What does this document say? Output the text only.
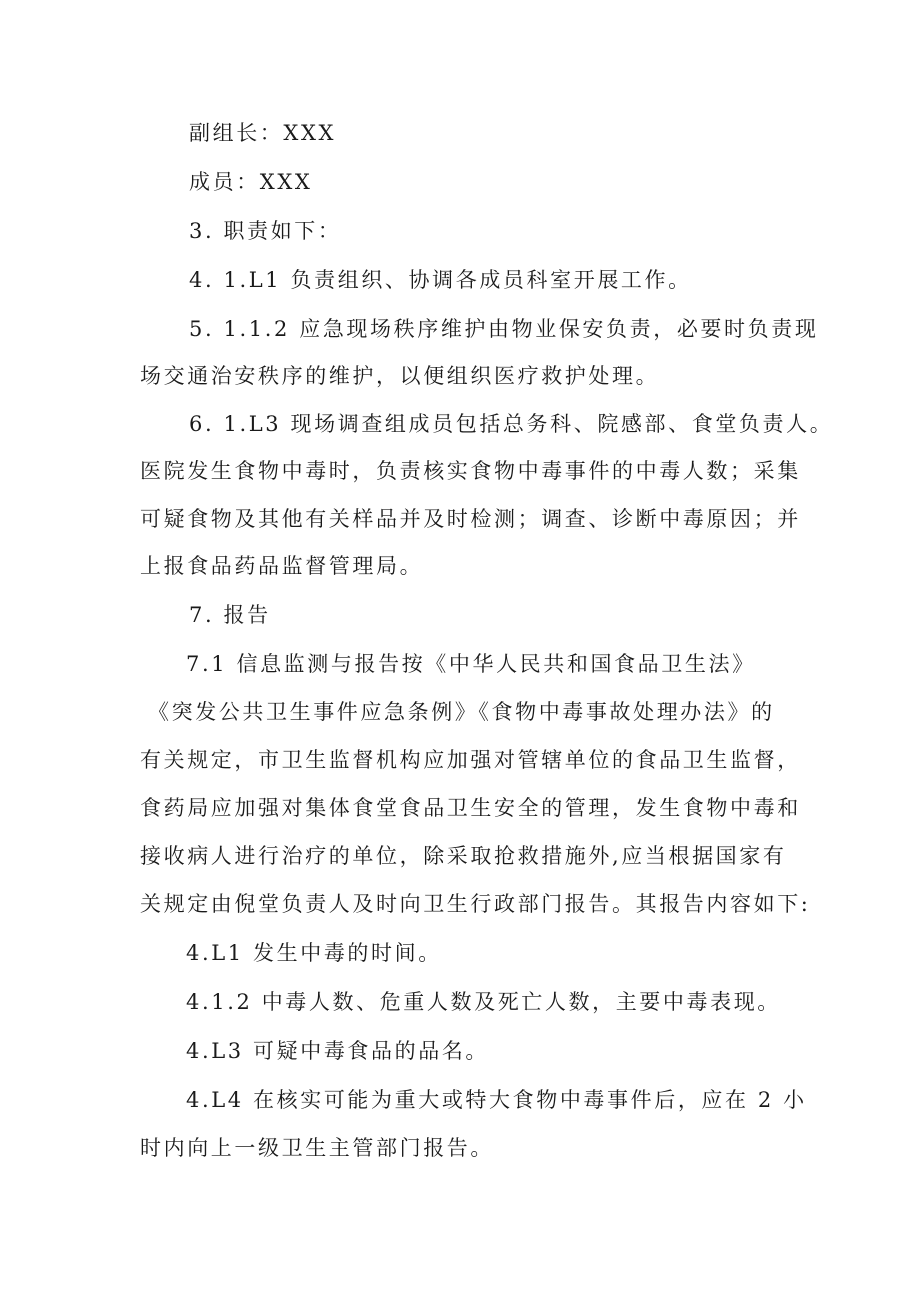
副组长：XXX
成员：XXX
3. 职责如下：
4. 1.L1 负责组织、协调各成员科室开展工作。
5. 1.1.2 应急现场秩序维护由物业保安负责，必要时负责现
场交通治安秩序的维护，以便组织医疗救护处理。
6. 1.L3 现场调查组成员包括总务科、院感部、食堂负责人。
医院发生食物中毒时，负责核实食物中毒事件的中毒人数；采集
可疑食物及其他有关样品并及时检测；调查、诊断中毒原因；并
上报食品药品监督管理局。
7. 报告
7.1 信息监测与报告按《中华人民共和国食品卫生法》
《突发公共卫生事件应急条例》《食物中毒事故处理办法》的
有关规定，市卫生监督机构应加强对管辖单位的食品卫生监督，
食药局应加强对集体食堂食品卫生安全的管理，发生食物中毒和
接收病人进行治疗的单位，除采取抢救措施外,应当根据国家有
关规定由倪堂负责人及时向卫生行政部门报告。其报告内容如下:
4.L1 发生中毒的时间。
4.1.2 中毒人数、危重人数及死亡人数，主要中毒表现。
4.L3 可疑中毒食品的品名。
4.L4 在核实可能为重大或特大食物中毒事件后，应在 2 小
时内向上一级卫生主管部门报告。
